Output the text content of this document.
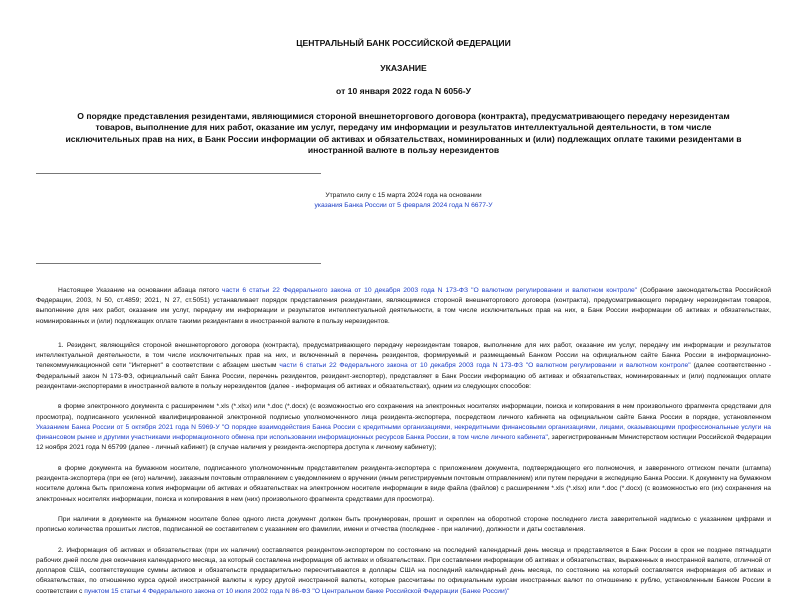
ЦЕНТРАЛЬНЫЙ БАНК РОССИЙСКОЙ ФЕДЕРАЦИИ

УКАЗАНИЕ

от 10 января 2022 года N 6056-У

О порядке представления резидентами, являющимися стороной внешнеторгового договора (контракта), предусматривающего передачу нерезидентам товаров, выполнение для них работ, оказание им услуг, передачу им информации и результатов интеллектуальной деятельности, в том числе исключительных прав на них, в Банк России информации об активах и обязательствах, номинированных и (или) подлежащих оплате такими резидентами в иностранной валюте в пользу нерезидентов

Утратило силу с 15 марта 2024 года на основании
указания Банка России от 5 февраля 2024 года N 6677-У

Настоящее Указание на основании абзаца пятого части 6 статьи 22 Федерального закона от 10 декабря 2003 года N 173-ФЗ "О валютном регулировании и валютном контроле" (Собрание законодательства Российской Федерации, 2003, N 50, ст.4859; 2021, N 27, ст.5051) устанавливает порядок представления резидентами, являющимися стороной внешнеторгового договора (контракта), предусматривающего передачу нерезидентам товаров, выполнение для них работ, оказание им услуг, передачу им информации и результатов интеллектуальной деятельности, в том числе исключительных прав на них, в Банк России информации об активах и обязательствах, номинированных и (или) подлежащих оплате такими резидентами в иностранной валюте в пользу нерезидентов.

1. Резидент, являющийся стороной внешнеторгового договора (контракта), предусматривающего передачу нерезидентам товаров, выполнение для них работ, оказание им услуг, передачу им информации и результатов интеллектуальной деятельности, в том числе исключительных прав на них, и включенный в перечень резидентов, формируемый и размещаемый Банком России на официальном сайте Банка России в информационно-телекоммуникационной сети "Интернет" в соответствии с абзацем шестым части 6 статьи 22 Федерального закона от 10 декабря 2003 года N 173-ФЗ "О валютном регулировании и валютном контроле" (далее соответственно - Федеральный закон N 173-ФЗ, официальный сайт Банка России, перечень резидентов, резидент-экспортер), представляет в Банк России информацию об активах и обязательствах, номинированных и (или) подлежащих оплате резидентами-экспортерами в иностранной валюте в пользу нерезидентов (далее - информация об активах и обязательствах), одним из следующих способов:

в форме электронного документа с расширением *.xls (*.xlsx) или *.doc (*.docx) (с возможностью его сохранения на электронных носителях информации, поиска и копирования в нем произвольного фрагмента средствами для просмотра), подписанного усиленной квалифицированной электронной подписью уполномоченного лица резидента-экспортера, посредством личного кабинета на официальном сайте Банка России в порядке, установленном Указанием Банка России от 5 октября 2021 года N 5969-У "О порядке взаимодействия Банка России с кредитными организациями, некредитными финансовыми организациями, лицами, оказывающими профессиональные услуги на финансовом рынке и другими участниками информационного обмена при использовании информационных ресурсов Банка России, в том числе личного кабинета", зарегистрированным Министерством юстиции Российской Федерации 12 ноября 2021 года N 65799 (далее - личный кабинет) (в случае наличия у резидента-экспортера доступа к личному кабинету);

в форме документа на бумажном носителе, подписанного уполномоченным представителем резидента-экспортера с приложением документа, подтверждающего его полномочия, и заверенного оттиском печати (штампа) резидента-экспортера (при ее (его) наличии), заказным почтовым отправлением с уведомлением о вручении (иным регистрируемым почтовым отправлением) или путем передачи в экспедицию Банка России. К документу на бумажном носителе должна быть приложена копия информации об активах и обязательствах на электронном носителе информации в виде файла (файлов) с расширением *.xls (*.xlsx) или *.doc (*.docx) (с возможностью его (их) сохранения на электронных носителях информации, поиска и копирования в нем (них) произвольного фрагмента средствами для просмотра).

При наличии в документе на бумажном носителе более одного листа документ должен быть пронумерован, прошит и скреплен на оборотной стороне последнего листа заверительной надписью с указанием цифрами и прописью количества прошитых листов, подписанной ее составителем с указанием его фамилии, имени и отчества (последнее - при наличии), должности и даты составления.

2. Информация об активах и обязательствах (при их наличии) составляется резидентом-экспортером по состоянию на последний календарный день месяца и представляется в Банк России в срок не позднее пятнадцати рабочих дней после дня окончания календарного месяца, за который составлена информация об активах и обязательствах. При составлении информации об активах и обязательствах, выраженных в иностранной валюте, отличной от долларов США, соответствующие суммы активов и обязательств предварительно пересчитываются в доллары США на последний календарный день месяца, по состоянию на который составляется информация об активах и обязательствах, по отношению курса одной иностранной валюты к курсу другой иностранной валюты, которые рассчитаны по официальным курсам иностранных валют по отношению к рублю, установленным Банком России в соответствии с пунктом 15 статьи 4 Федерального закона от 10 июля 2002 года N 86-ФЗ "О Центральном банке Российской Федерации (Банке России)"
